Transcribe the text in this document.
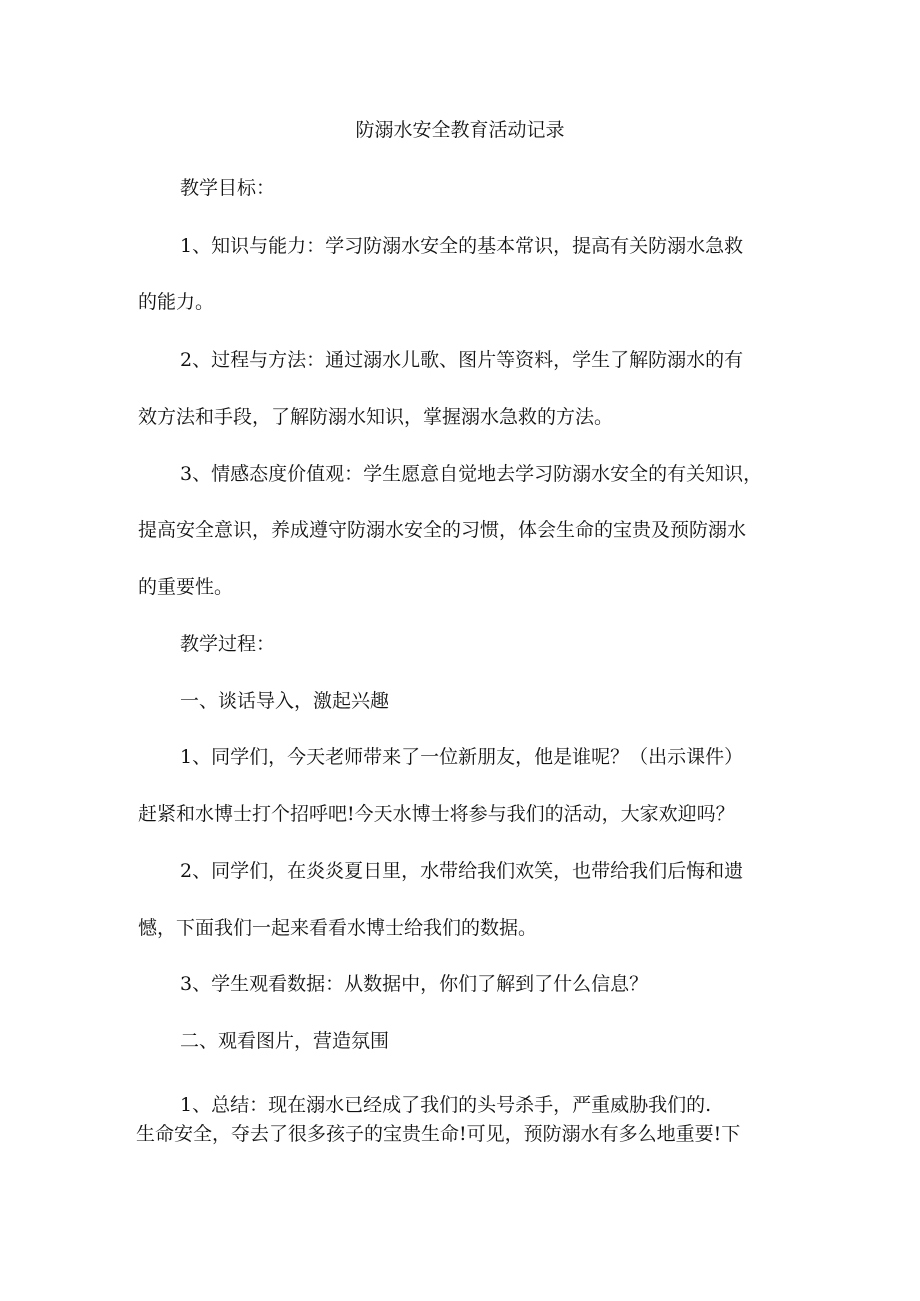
防溺水安全教育活动记录
教学目标：
1、知识与能力：学习防溺水安全的基本常识，提高有关防溺水急救
的能力。
2、过程与方法：通过溺水儿歌、图片等资料，学生了解防溺水的有
效方法和手段，了解防溺水知识，掌握溺水急救的方法。
3、情感态度价值观：学生愿意自觉地去学习防溺水安全的有关知识，
提高安全意识，养成遵守防溺水安全的习惯，体会生命的宝贵及预防溺水
的重要性。
教学过程：
一、谈话导入，激起兴趣
1、同学们，今天老师带来了一位新朋友，他是谁呢？（出示课件）
赶紧和水博士打个招呼吧!今天水博士将参与我们的活动，大家欢迎吗？
2、同学们，在炎炎夏日里，水带给我们欢笑，也带给我们后悔和遗
憾，下面我们一起来看看水博士给我们的数据。
3、学生观看数据：从数据中，你们了解到了什么信息？
二、观看图片，营造氛围
1、总结：现在溺水已经成了我们的头号杀手，严重威胁我们的.
生命安全，夺去了很多孩子的宝贵生命!可见，预防溺水有多么地重要!下
